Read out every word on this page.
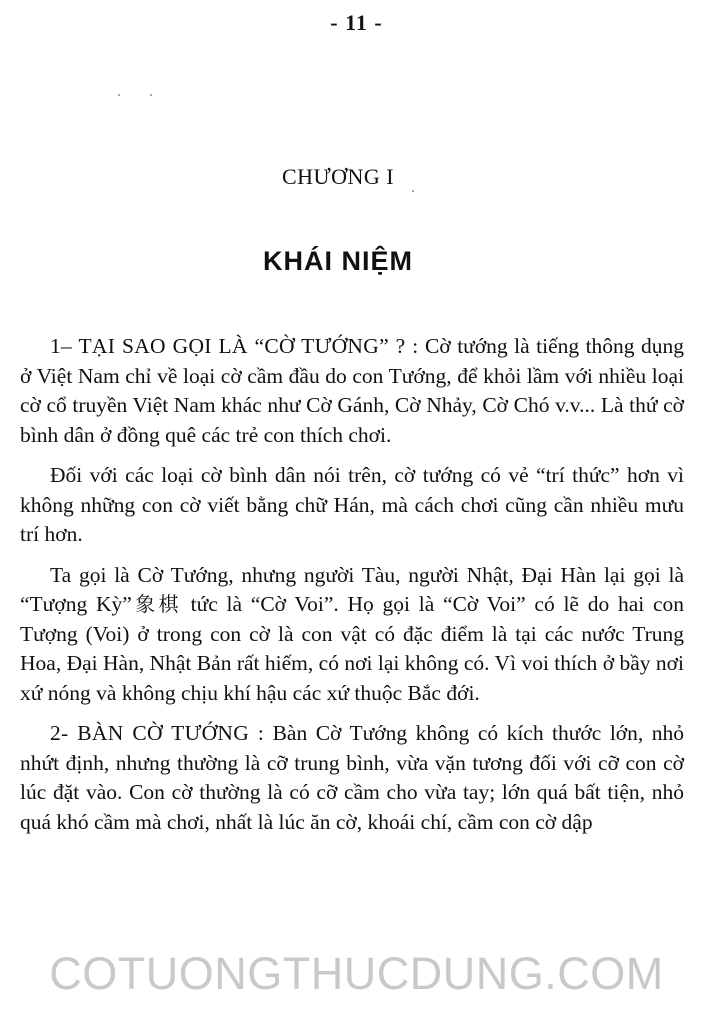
- 11 -
CHƯƠNG I
KHÁI NIỆM

1– TẠI SAO GỌI LÀ “CỜ TƯỚNG” ? : Cờ tướng là tiếng thông dụng ở Việt Nam chỉ về loại cờ cầm đầu do con Tướng, để khỏi lầm với nhiều loại cờ cổ truyền Việt Nam khác như Cờ Gánh, Cờ Nhảy, Cờ Chó v.v... Là thứ cờ bình dân ở đồng quê các trẻ con thích chơi.

Đối với các loại cờ bình dân nói trên, cờ tướng có vẻ “trí thức” hơn vì không những con cờ viết bằng chữ Hán, mà cách chơi cũng cần nhiều mưu trí hơn.

Ta gọi là Cờ Tướng, nhưng người Tàu, người Nhật, Đại Hàn lại gọi là “Tượng Kỳ”象棋 tức là “Cờ Voi”. Họ gọi là “Cờ Voi” có lẽ do hai con Tượng (Voi) ở trong con cờ là con vật có đặc điểm là tại các nước Trung Hoa, Đại Hàn, Nhật Bản rất hiếm, có nơi lại không có. Vì voi thích ở bầy nơi xứ nóng và không chịu khí hậu các xứ thuộc Bắc đới.

2- BÀN CỜ TƯỚNG : Bàn Cờ Tướng không có kích thước lớn, nhỏ nhứt định, nhưng thường là cỡ trung bình, vừa vặn tương đối với cỡ con cờ lúc đặt vào. Con cờ thường là có cỡ cầm cho vừa tay; lớn quá bất tiện, nhỏ quá khó cầm mà chơi, nhất là lúc ăn cờ, khoái chí, cầm con cờ dập

COTUONGTHUCDUNG.COM
